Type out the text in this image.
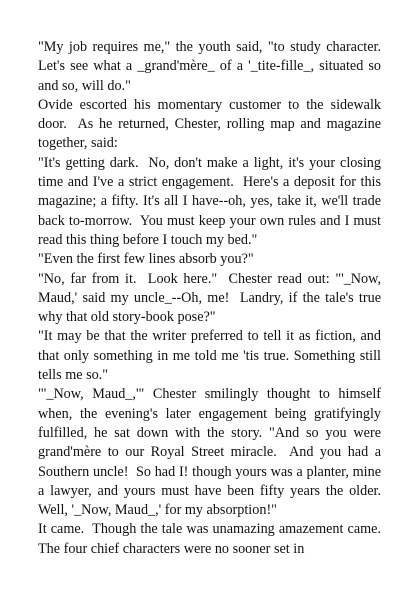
"My job requires me," the youth said, "to study character.  Let's see what a _grand'mère_ of a '_tite-fille_, situated so and so, will do."

Ovide escorted his momentary customer to the sidewalk door.  As he returned, Chester, rolling map and magazine together, said:

"It's getting dark.  No, don't make a light, it's your closing time and I've a strict engagement.  Here's a deposit for this magazine; a fifty. It's all I have--oh, yes, take it, we'll trade back to-morrow.  You must keep your own rules and I must read this thing before I touch my bed."

"Even the first few lines absorb you?"

"No, far from it.  Look here."  Chester read out: "'_Now, Maud,' said my uncle_--Oh, me!  Landry, if the tale's true why that old story-book pose?"

"It may be that the writer preferred to tell it as fiction, and that only something in me told me 'tis true. Something still tells me so."

"'_Now, Maud_,'" Chester smilingly thought to himself when, the evening's later engagement being gratifyingly fulfilled, he sat down with the story. "And so you were grand'mère to our Royal Street miracle.  And you had a Southern uncle!  So had I! though yours was a planter, mine a lawyer, and yours must have been fifty years the older.  Well, '_Now, Maud_,' for my absorption!"

It came.  Though the tale was unamazing amazement came.  The four chief characters were no sooner set in
